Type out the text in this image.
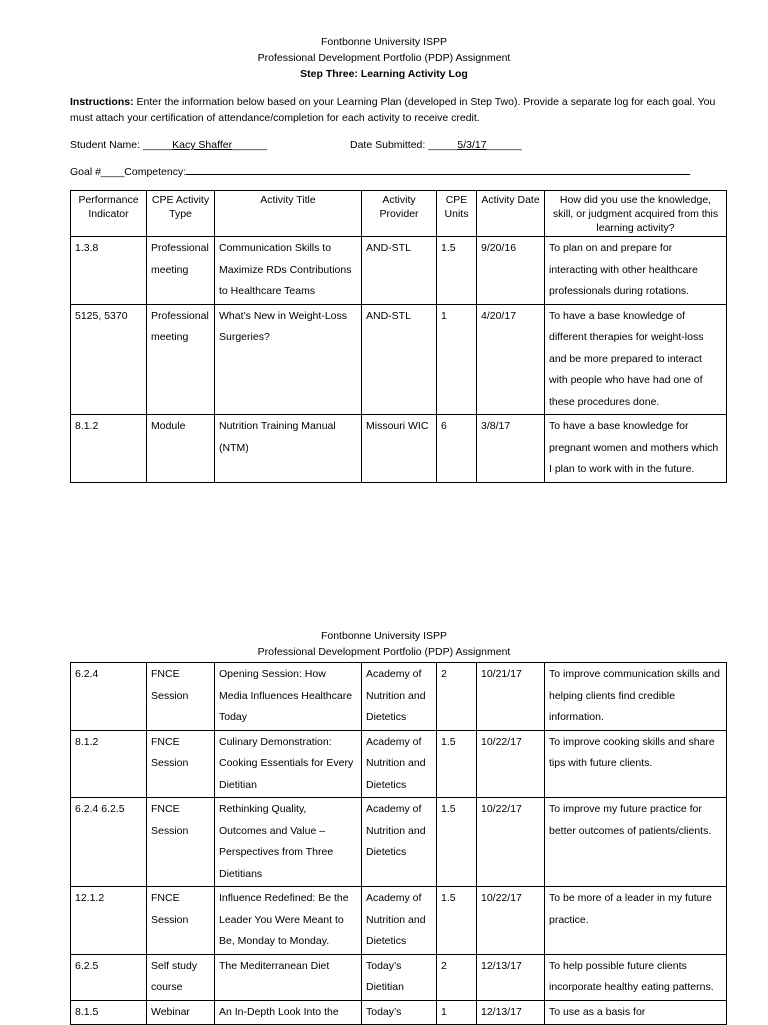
Fontbonne University ISPP
Professional Development Portfolio (PDP) Assignment
Step Three: Learning Activity Log
Instructions: Enter the information below based on your Learning Plan (developed in Step Two). Provide a separate log for each goal. You must attach your certification of attendance/completion for each activity to receive credit.
Student Name: _____Kacy Shaffer______	Date Submitted: _____5/3/17______
Goal #____Competency:
Performance Indicator	CPE Activity Type	Activity Title	Activity Provider	CPE Units	Activity Date	How did you use the knowledge, skill, or judgment acquired from this learning activity?
1.3.8	Professional meeting	Communication Skills to Maximize RDs Contributions to Healthcare Teams	AND-STL	1.5	9/20/16	To plan on and prepare for interacting with other healthcare professionals during rotations.
5125, 5370	Professional meeting	What’s New in Weight-Loss Surgeries?	AND-STL	1	4/20/17	To have a base knowledge of different therapies for weight-loss and be more prepared to interact with people who have had one of these procedures done.
8.1.2	Module	Nutrition Training Manual (NTM)	Missouri WIC	6	3/8/17	To have a base knowledge for pregnant women and mothers which I plan to work with in the future.
Fontbonne University ISPP
Professional Development Portfolio (PDP) Assignment
6.2.4	FNCE Session	Opening Session: How Media Influences Healthcare Today	Academy of Nutrition and Dietetics	2	10/21/17	To improve communication skills and helping clients find credible information.
8.1.2	FNCE Session	Culinary Demonstration: Cooking Essentials for Every Dietitian	Academy of Nutrition and Dietetics	1.5	10/22/17	To improve cooking skills and share tips with future clients.
6.2.4 6.2.5	FNCE Session	Rethinking Quality, Outcomes and Value – Perspectives from Three Dietitians	Academy of Nutrition and Dietetics	1.5	10/22/17	To improve my future practice for better outcomes of patients/clients.
12.1.2	FNCE Session	Influence Redefined: Be the Leader You Were Meant to Be, Monday to Monday.	Academy of Nutrition and Dietetics	1.5	10/22/17	To be more of a leader in my future practice.
6.2.5	Self study course	The Mediterranean Diet	Today’s Dietitian	2	12/13/17	To help possible future clients incorporate healthy eating patterns.
8.1.5	Webinar	An In-Depth Look Into the	Today’s	1	12/13/17	To use as a basis for
